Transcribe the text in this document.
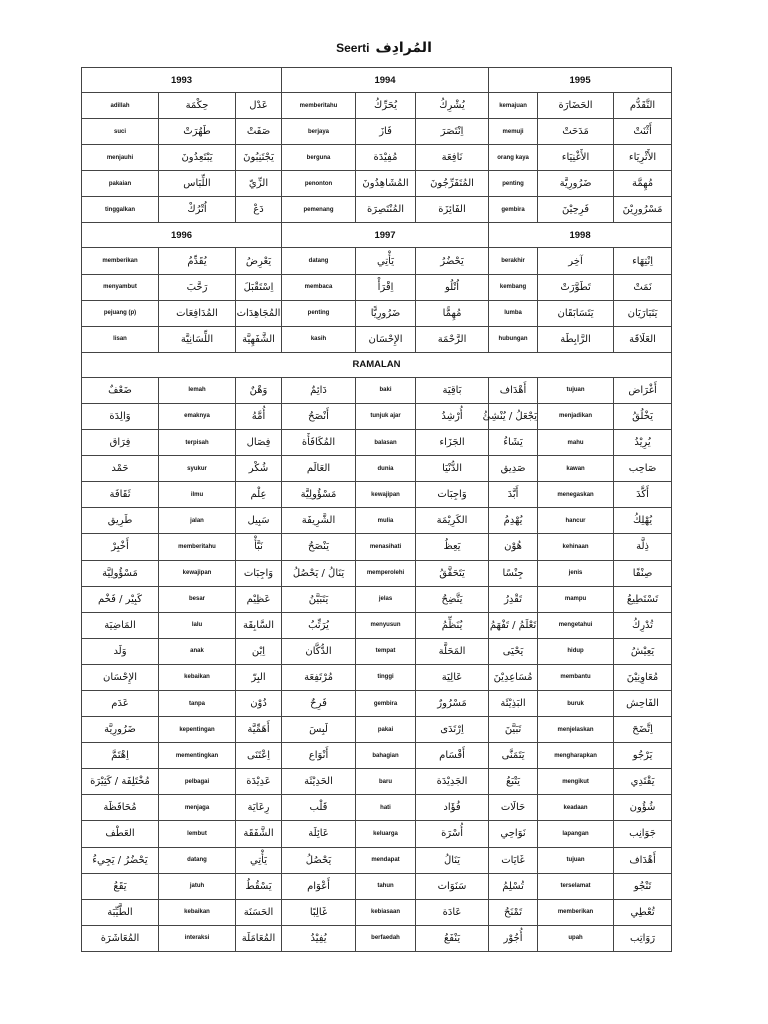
Seerti المُرادِف
1993			1994			1995		
adillah	حِكْمَة	عَدْل	memberitahu	يُحَرِّكُ	يُشْرِكُ	kemajuan	الحَضَارَة	التَّقَدُّم
suci	طَهُرَتْ	صَفَتْ	berjaya	فَازَ	اِنْتَصَرَ	memuji	مَدَحَتْ	أَثْنَتْ
menjauhi	يَبْتَعِدُونَ	يَجْتَنِبُونَ	berguna	مُفِيْدَة	نَافِعَة	orang kaya	الأَغْنِيَاء	الأَثْرِيَاء
pakaian	اللِّبَاس	الزِّيّ	penonton	المُشَاهِدُونَ	المُتَفَرِّجُونَ	penting	ضَرُورِيَّة	مُهِمَّة
tinggalkan	اُتْرُكْ	دَعْ	pemenang	المُنْتَصِرَة	الفَائِزَة	gembira	فَرِحِيْنَ	مَسْرُورِيْنَ
1996			1997			1998		
memberikan	يُقَدِّمُ	يَعْرِضُ	datang	يَأْتِي	يَحْضُرُ	berakhir	آخِر	اِنْتِهَاء
menyambut	رَحَّبَ	اِسْتَقْبَلَ	membaca	اِقْرَأْ	اُتْلُو	kembang	تَطَوَّرَتْ	نَمَتْ
pejuang (p)	المُدَافِعَات	المُجَاهِدَات	penting	ضَرُورِيًّا	مُهِمًّا	lumba	يَتَسَابَقَان	يَتَبَارَيَان
lisan	اللِّسَانِيَّة	الشَّفَهِيَّة	kasih	الإِحْسَان	الرَّحْمَة	hubungan	الرَّابِطَة	العَلَاقَة
RAMALAN								
ضَعْفٌ	lemah	وَهْنٌ	دَائِمٌ	baki	بَاقِيَة	أَهْدَاف	tujuan	أَغْرَاض
وَالِدَة	emaknya	أُمَّهُ	أَنْصَحُ	tunjuk ajar	أُرْشِدُ	يَجْعَلُ / يُنْشِئُ	menjadikan	يَخْلُقُ
فِرَاق	terpisah	فِصَال	المُكَافَأَة	balasan	الجَزَاء	يَشَاءُ	mahu	يُرِيْدُ
حَمْد	syukur	شُكْر	العَالَم	dunia	الدُّنْيَا	صَدِيق	kawan	صَاحِب
ثَقَافَة	ilmu	عِلْم	مَسْؤُولِيَّة	kewajipan	وَاجِبَات	أَبَّدَ	menegaskan	أَكَّدَ
طَرِيق	jalan	سَبِيل	الشَّرِيفَة	mulia	الكَرِيْمَة	يُهْدِمُ	hancur	يُهْلِكُ
أَخْبِرْ	memberitahu	نَبَّأْ	يَنْصَحُ	menasihati	يَعِظُ	هُوْن	kehinaan	ذِلَّة
مَسْؤُولِيَّة	kewajipan	وَاجِبَات	يَنَالُ / يَحْصُلُ	memperolehi	يَتَحَقَّقُ	جِنْسًا	jenis	صِنْفًا
كَبِيْر / فَخْم	besar	عَظِيْم	يَتَبَيَّنُ	jelas	يَتَّضِحُ	تَقْدِرُ	mampu	تَسْتَطِيعُ
المَاضِيَة	lalu	السَّابِقَة	يُرَتِّبُ	menyusun	يُنَظِّمُ	تَعْلَمُ / تَفْهَمُ	mengetahui	تُدْرِكُ
وَلَد	anak	اِبْن	الدُّكَّان	tempat	المَحَلَّة	يَحْيَى	hidup	يَعِيْشُ
الإِحْسَان	kebaikan	البِرّ	مُرْتَفِعَة	tinggi	عَالِيَة	مُسَاعِدِيْنَ	membantu	مُعَاوِنِيْنَ
عَدَم	tanpa	دُوْن	فَرِحٌ	gembira	مَسْرُورٌ	البَذِيْئَة	buruk	الفَاحِش
ضَرُورِيَّة	kepentingan	أَهَمِّيَّة	لَبِسَ	pakai	اِرْتَدَى	تَبَيَّنَ	menjelaskan	اِتَّضَحَ
اِهْتَمَّ	mementingkan	اِعْتَنَى	أَنْوَاع	bahagian	أَقْسَام	يَتَمَنَّى	mengharapkan	يَرْجُو
مُخْتَلِفَة / كَثِيْرَة	pelbagai	عَدِيْدَة	الحَدِيْثَة	baru	الجَدِيْدَة	يَتْبَعُ	mengikut	يَقْتَدِي
مُحَافَظَة	menjaga	رِعَايَة	قَلْب	hati	فُؤَاد	حَالَات	keadaan	شُؤُون
العَطْف	lembut	الشَّفَقَة	عَائِلَة	keluarga	أُسْرَة	نَوَاحِي	lapangan	جَوَانِب
يَحْضُرُ / يَجِيءُ	datang	يَأْتِي	يَحْصُلُ	mendapat	يَنَالُ	غَايَات	tujuan	أَهْدَاف
يَقَعُ	jatuh	يَسْقُطُ	أَعْوَام	tahun	سَنَوَات	تُسْلِمُ	terselamat	تَنْجُو
الطَّيِّبَة	kebaikan	الحَسَنَة	غَالِبًا	kebiasaan	عَادَة	تَمْنَحُ	memberikan	تُعْطِي
المُعَاشَرَة	interaksi	المُعَامَلَة	يُفِيْدُ	berfaedah	يَنْفَعُ	أُجُوْر	upah	رَوَاتِب
